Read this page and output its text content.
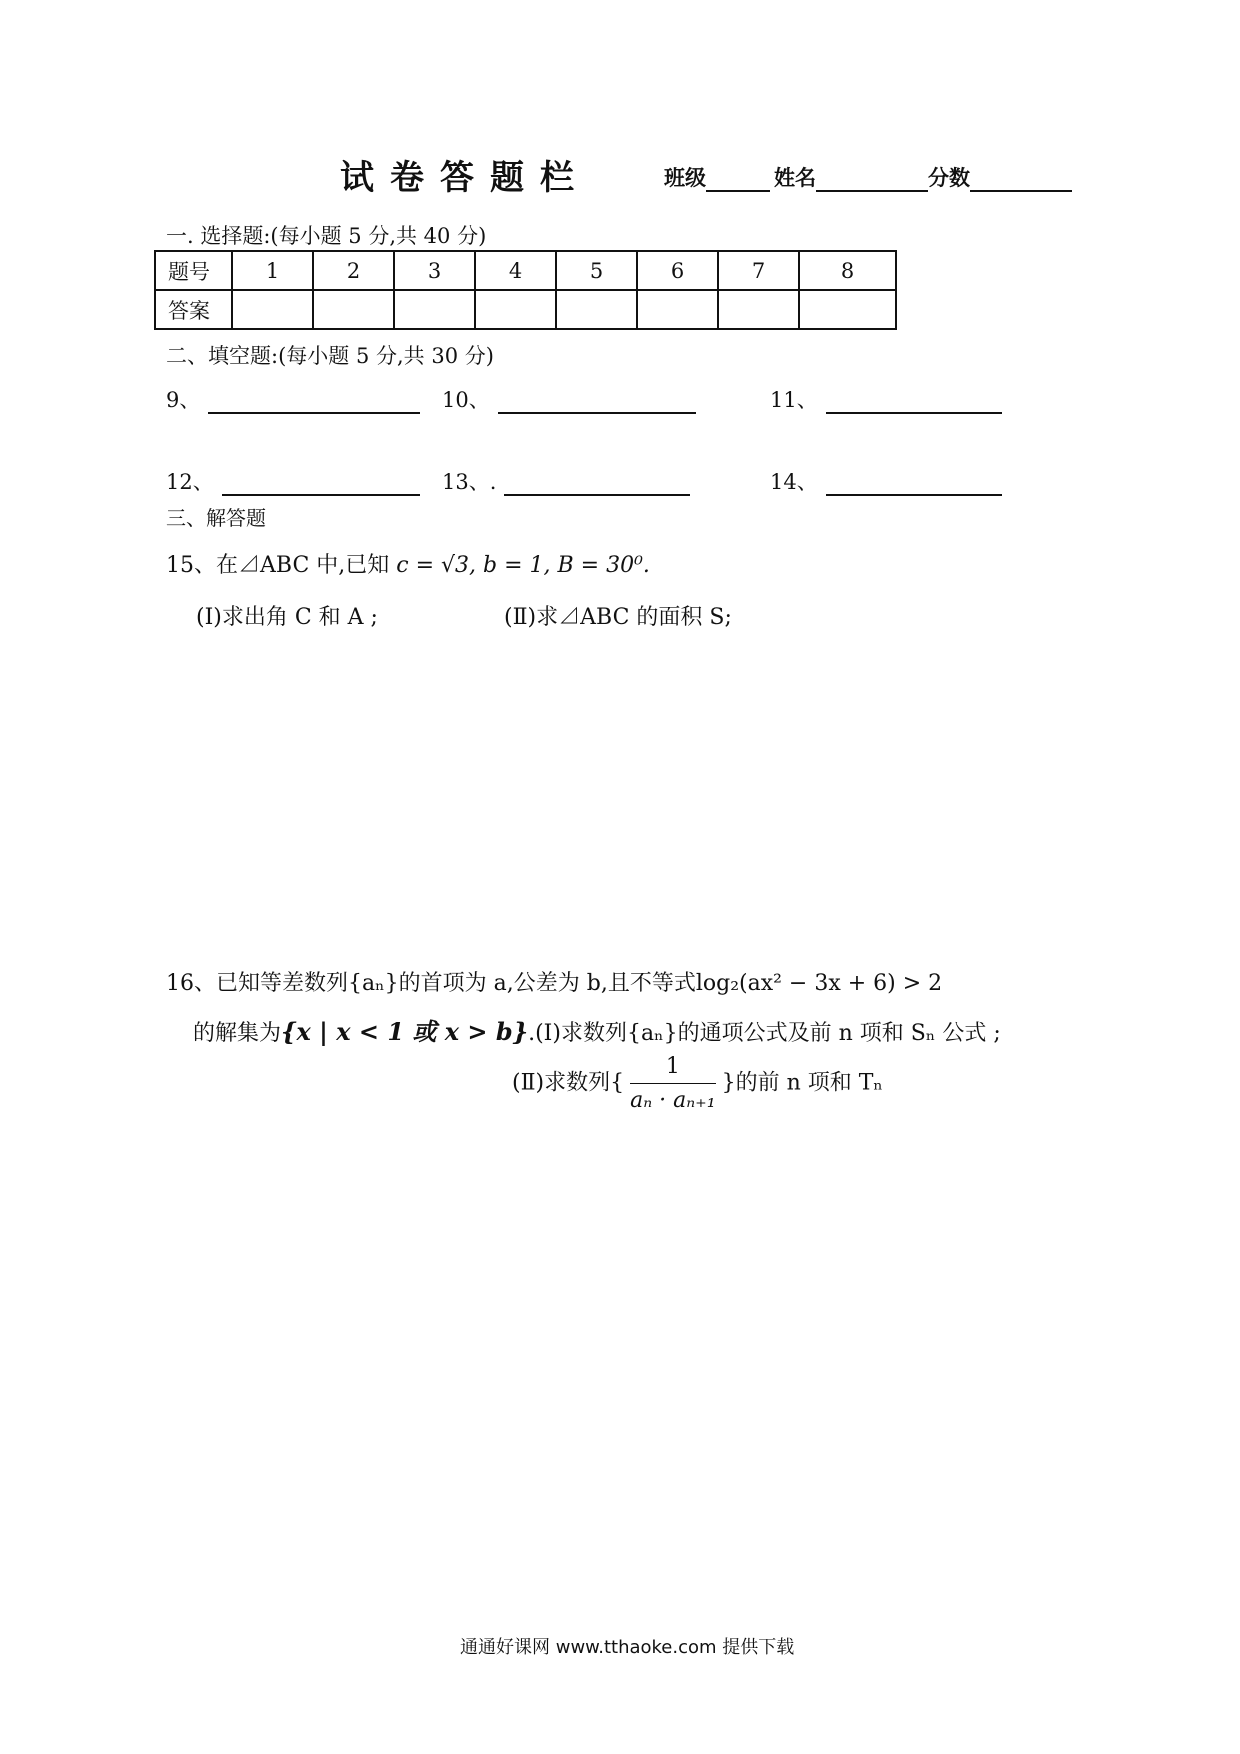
试卷答题栏	班级	姓名	分数
一. 选择题:(每小题 5 分,共 40 分)
题号	1	2	3	4	5	6	7	8
答案								
二、填空题:(每小题 5 分,共 30 分)
9、	10、	11、
12、	13、.	14、
三、解答题
15、在⊿ABC 中,已知 c = √3, b = 1, B = 30⁰.
(Ⅰ)求出角 C 和 A ;	(Ⅱ)求⊿ABC 的面积 S;
16、已知等差数列{aₙ}的首项为 a,公差为 b,且不等式log₂(ax² − 3x + 6) > 2
的解集为{x | x < 1 或 x > b}.(Ⅰ)求数列{aₙ}的通项公式及前 n 项和 Sₙ 公式 ;
(Ⅱ)求数列{ $\frac{1}{\text{aₙ · aₙ₊₁}}$ }的前 n 项和 Tₙ
通通好课网 www.tthaoke.com 提供下载
